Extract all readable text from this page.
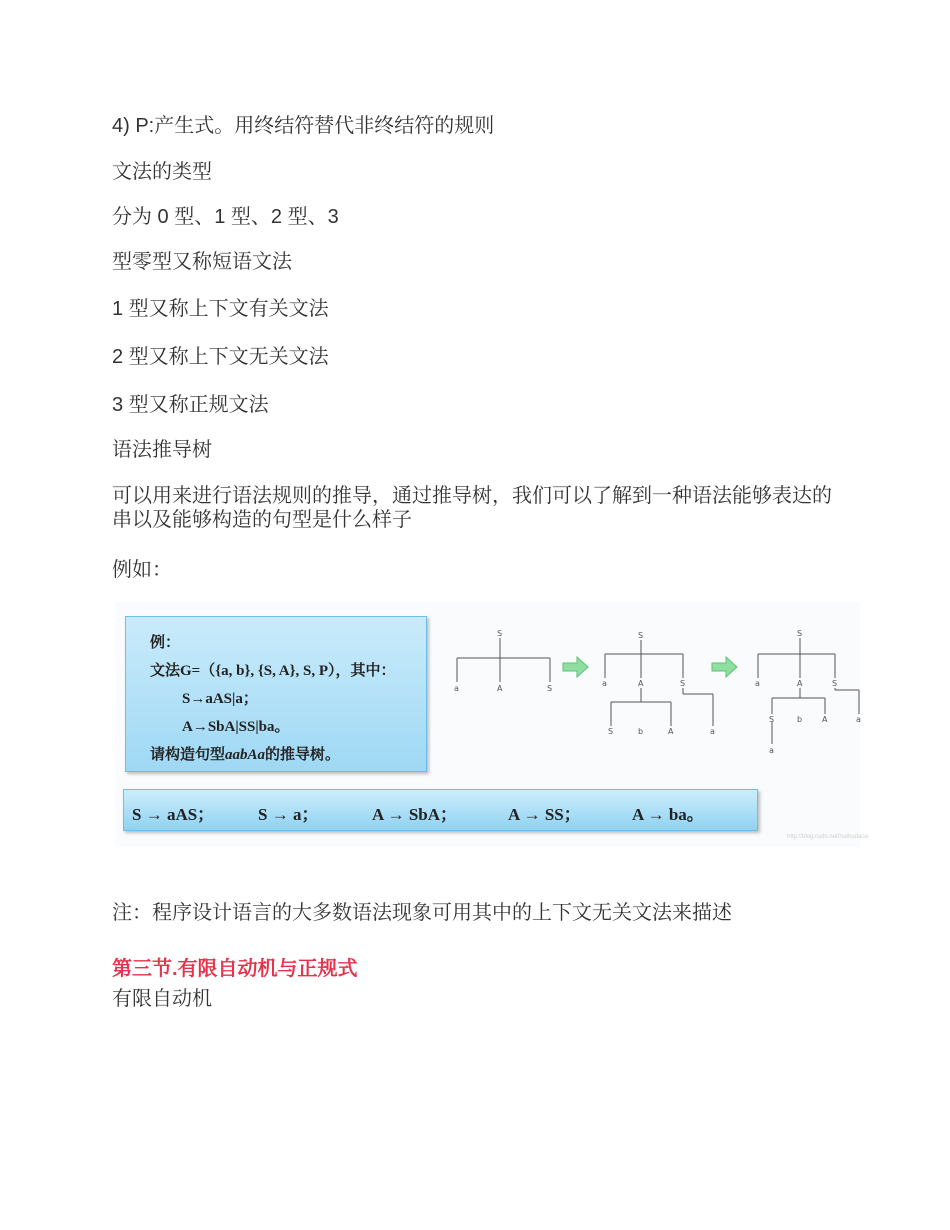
4) P:产生式。用终结符替代非终结符的规则
文法的类型
分为 0 型、1 型、2 型、3
型零型又称短语文法
1 型又称上下文有关文法
2 型又称上下文无关文法
3 型又称正规文法
语法推导树
可以用来进行语法规则的推导，通过推导树，我们可以了解到一种语法能够表达的串以及能够构造的句型是什么样子
例如：
例：
文法G=（{a, b}, {S, A}, S, P），其中：
S→aAS|a；
A→SbA|SS|ba。
请构造句型aabAa的推导树。
S
a	A	S
S
a	A	S
S	b	A	a
S
a	A	S
S	b A	a
a
S → aAS；	S → a；	A → SbA；	A → SS；	A → ba。
http://blog.csdn.net/ruohudaoa
注：程序设计语言的大多数语法现象可用其中的上下文无关文法来描述
第三节.有限自动机与正规式
有限自动机
